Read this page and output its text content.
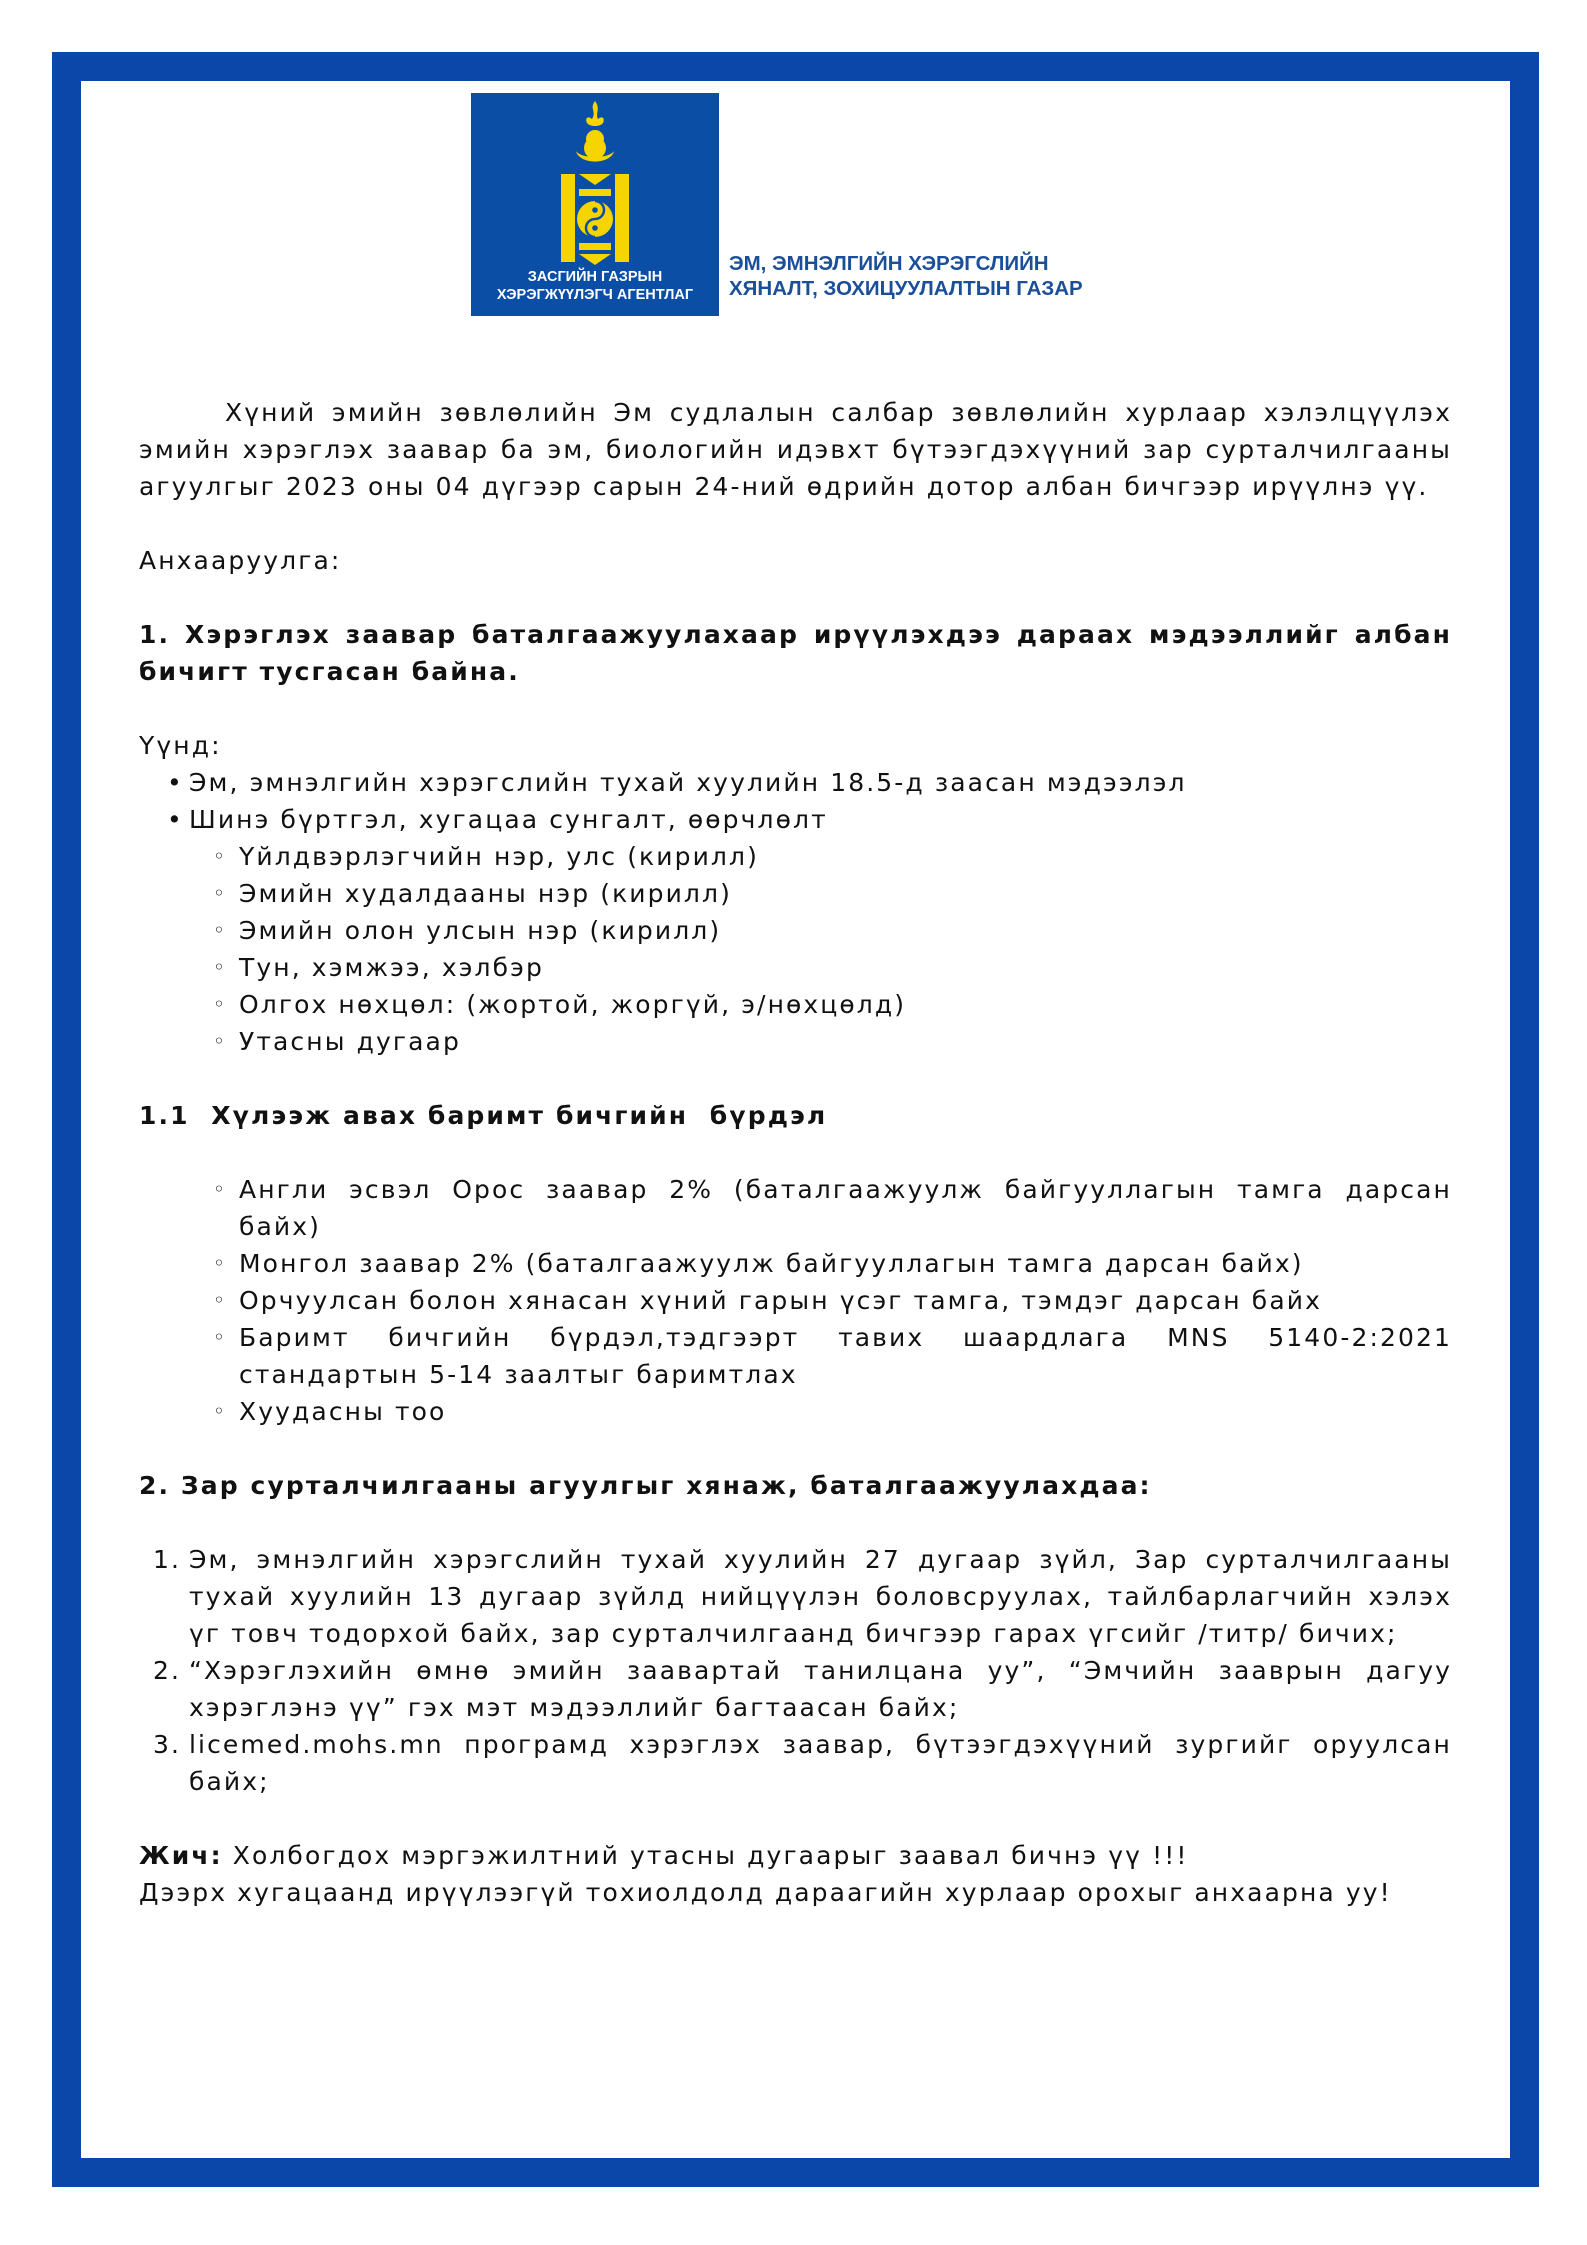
ЗАСГИЙН ГАЗРЫН
ХЭРЭГЖҮҮЛЭГЧ АГЕНТЛАГ
ЭМ, ЭМНЭЛГИЙН ХЭРЭГСЛИЙН
ХЯНАЛТ, ЗОХИЦУУЛАЛТЫН ГАЗАР

Хүний эмийн зөвлөлийн Эм судлалын салбар зөвлөлийн хурлаар хэлэлцүүлэх эмийн хэрэглэх заавар ба эм, биологийн идэвхт бүтээгдэхүүний зар сурталчилгааны агуулгыг 2023 оны 04 дүгээр сарын 24-ний өдрийн дотор албан бичгээр ирүүлнэ үү.

Анхааруулга:

1. Хэрэглэх заавар баталгаажуулахаар ирүүлэхдээ дараах мэдээллийг албан бичигт тусгасан байна.

Үүнд:

• Эм, эмнэлгийн хэрэгслийн тухай хуулийн 18.5-д заасан мэдээлэл
• Шинэ бүртгэл, хугацаа сунгалт, өөрчлөлт
◦ Үйлдвэрлэгчийн нэр, улс (кирилл)
◦ Эмийн худалдааны нэр (кирилл)
◦ Эмийн олон улсын нэр (кирилл)
◦ Тун, хэмжээ, хэлбэр
◦ Олгох нөхцөл: (жортой, жоргүй, э/нөхцөлд)
◦ Утасны дугаар

1.1  Хүлээж авах баримт бичгийн  бүрдэл

◦ Англи эсвэл Орос заавар 2% (баталгаажуулж байгууллагын тамга дарсан байх)
◦ Монгол заавар 2% (баталгаажуулж байгууллагын тамга дарсан байх)
◦ Орчуулсан болон хянасан хүний гарын үсэг тамга, тэмдэг дарсан байх
◦ Баримт бичгийн бүрдэл,тэдгээрт тавих шаардлага MNS 5140-2:2021 стандартын 5-14 заалтыг баримтлах
◦ Хуудасны тоо

2. Зар сурталчилгааны агуулгыг хянаж, баталгаажуулахдаа:

1. Эм, эмнэлгийн хэрэгслийн тухай хуулийн 27 дугаар зүйл, Зар сурталчилгааны тухай хуулийн 13 дугаар зүйлд нийцүүлэн боловсруулах, тайлбарлагчийн хэлэх үг товч тодорхой байх, зар сурталчилгаанд бичгээр гарах үгсийг /титр/ бичих;
2. “Хэрэглэхийн өмнө эмийн заавартай танилцана уу”, “Эмчийн зааврын дагуу хэрэглэнэ үү” гэх мэт мэдээллийг багтаасан байх;
3. licemed.mohs.mn програмд хэрэглэх заавар, бүтээгдэхүүний зургийг оруулсан байх;

Жич: Холбогдох мэргэжилтний утасны дугаарыг заавал бичнэ үү !!!

Дээрх хугацаанд ирүүлээгүй тохиолдолд дараагийн хурлаар орохыг анхаарна уу!
